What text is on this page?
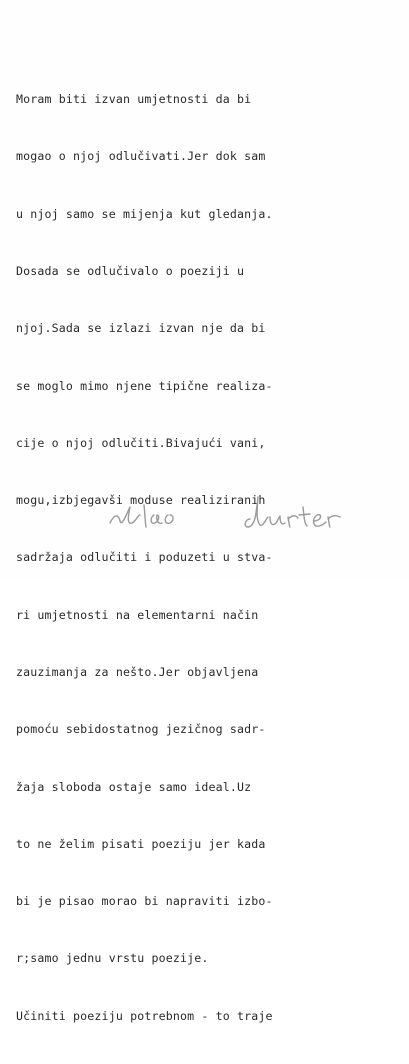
Moram biti izvan umjetnosti da bi

mogao o njoj odlučivati.Jer dok sam

u njoj samo se mijenja kut gledanja.

Dosada se odlučivalo o poeziji u

njoj.Sada se izlazi izvan nje da bi

se moglo mimo njene tipične realiza-

cije o njoj odlučiti.Bivajući vani,

mogu,izbjegavši moduse realiziranih

sadržaja odlučiti i poduzeti u stva-

ri umjetnosti na elementarni način

zauzimanja za nešto.Jer objavljena

pomoću sebidostatnog jezičnog sadr-

žaja sloboda ostaje samo ideal.Uz

to ne želim pisati poeziju jer kada

bi je pisao morao bi napraviti izbo-

r;samo jednu vrstu poezije.

Učiniti poeziju potrebnom - to traje
